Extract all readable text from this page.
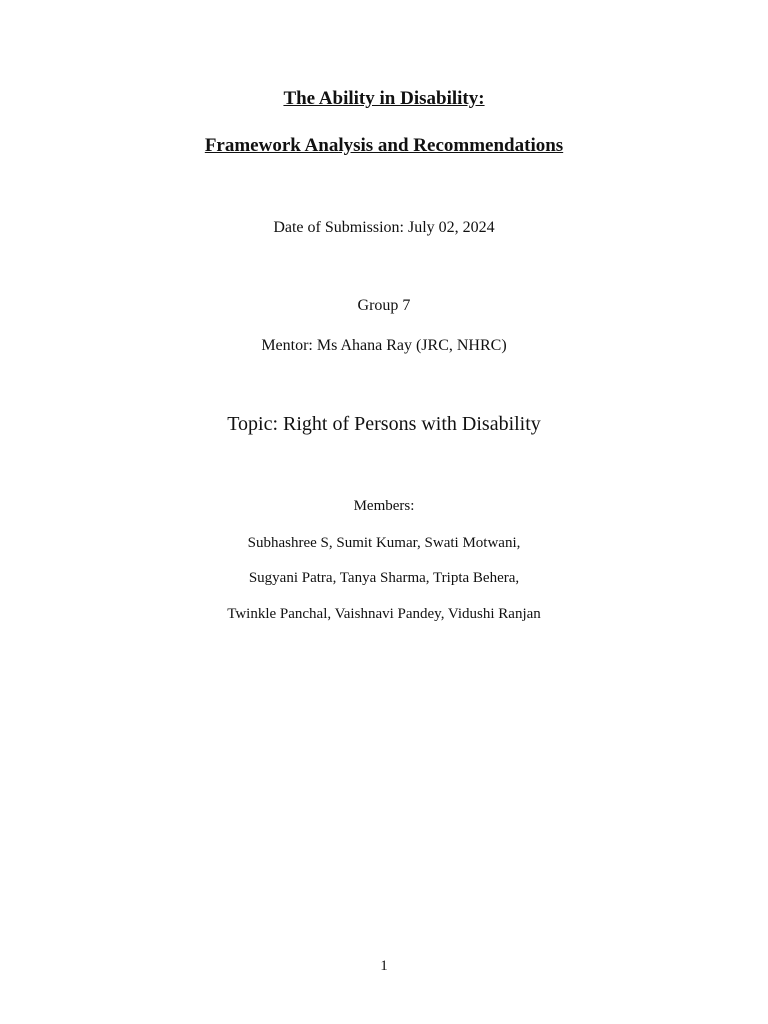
The Ability in Disability:
Framework Analysis and Recommendations
Date of Submission: July 02, 2024
Group 7
Mentor: Ms Ahana Ray (JRC, NHRC)
Topic: Right of Persons with Disability
Members:
Subhashree S, Sumit Kumar, Swati Motwani,
Sugyani Patra, Tanya Sharma, Tripta Behera,
Twinkle Panchal, Vaishnavi Pandey, Vidushi Ranjan
1
